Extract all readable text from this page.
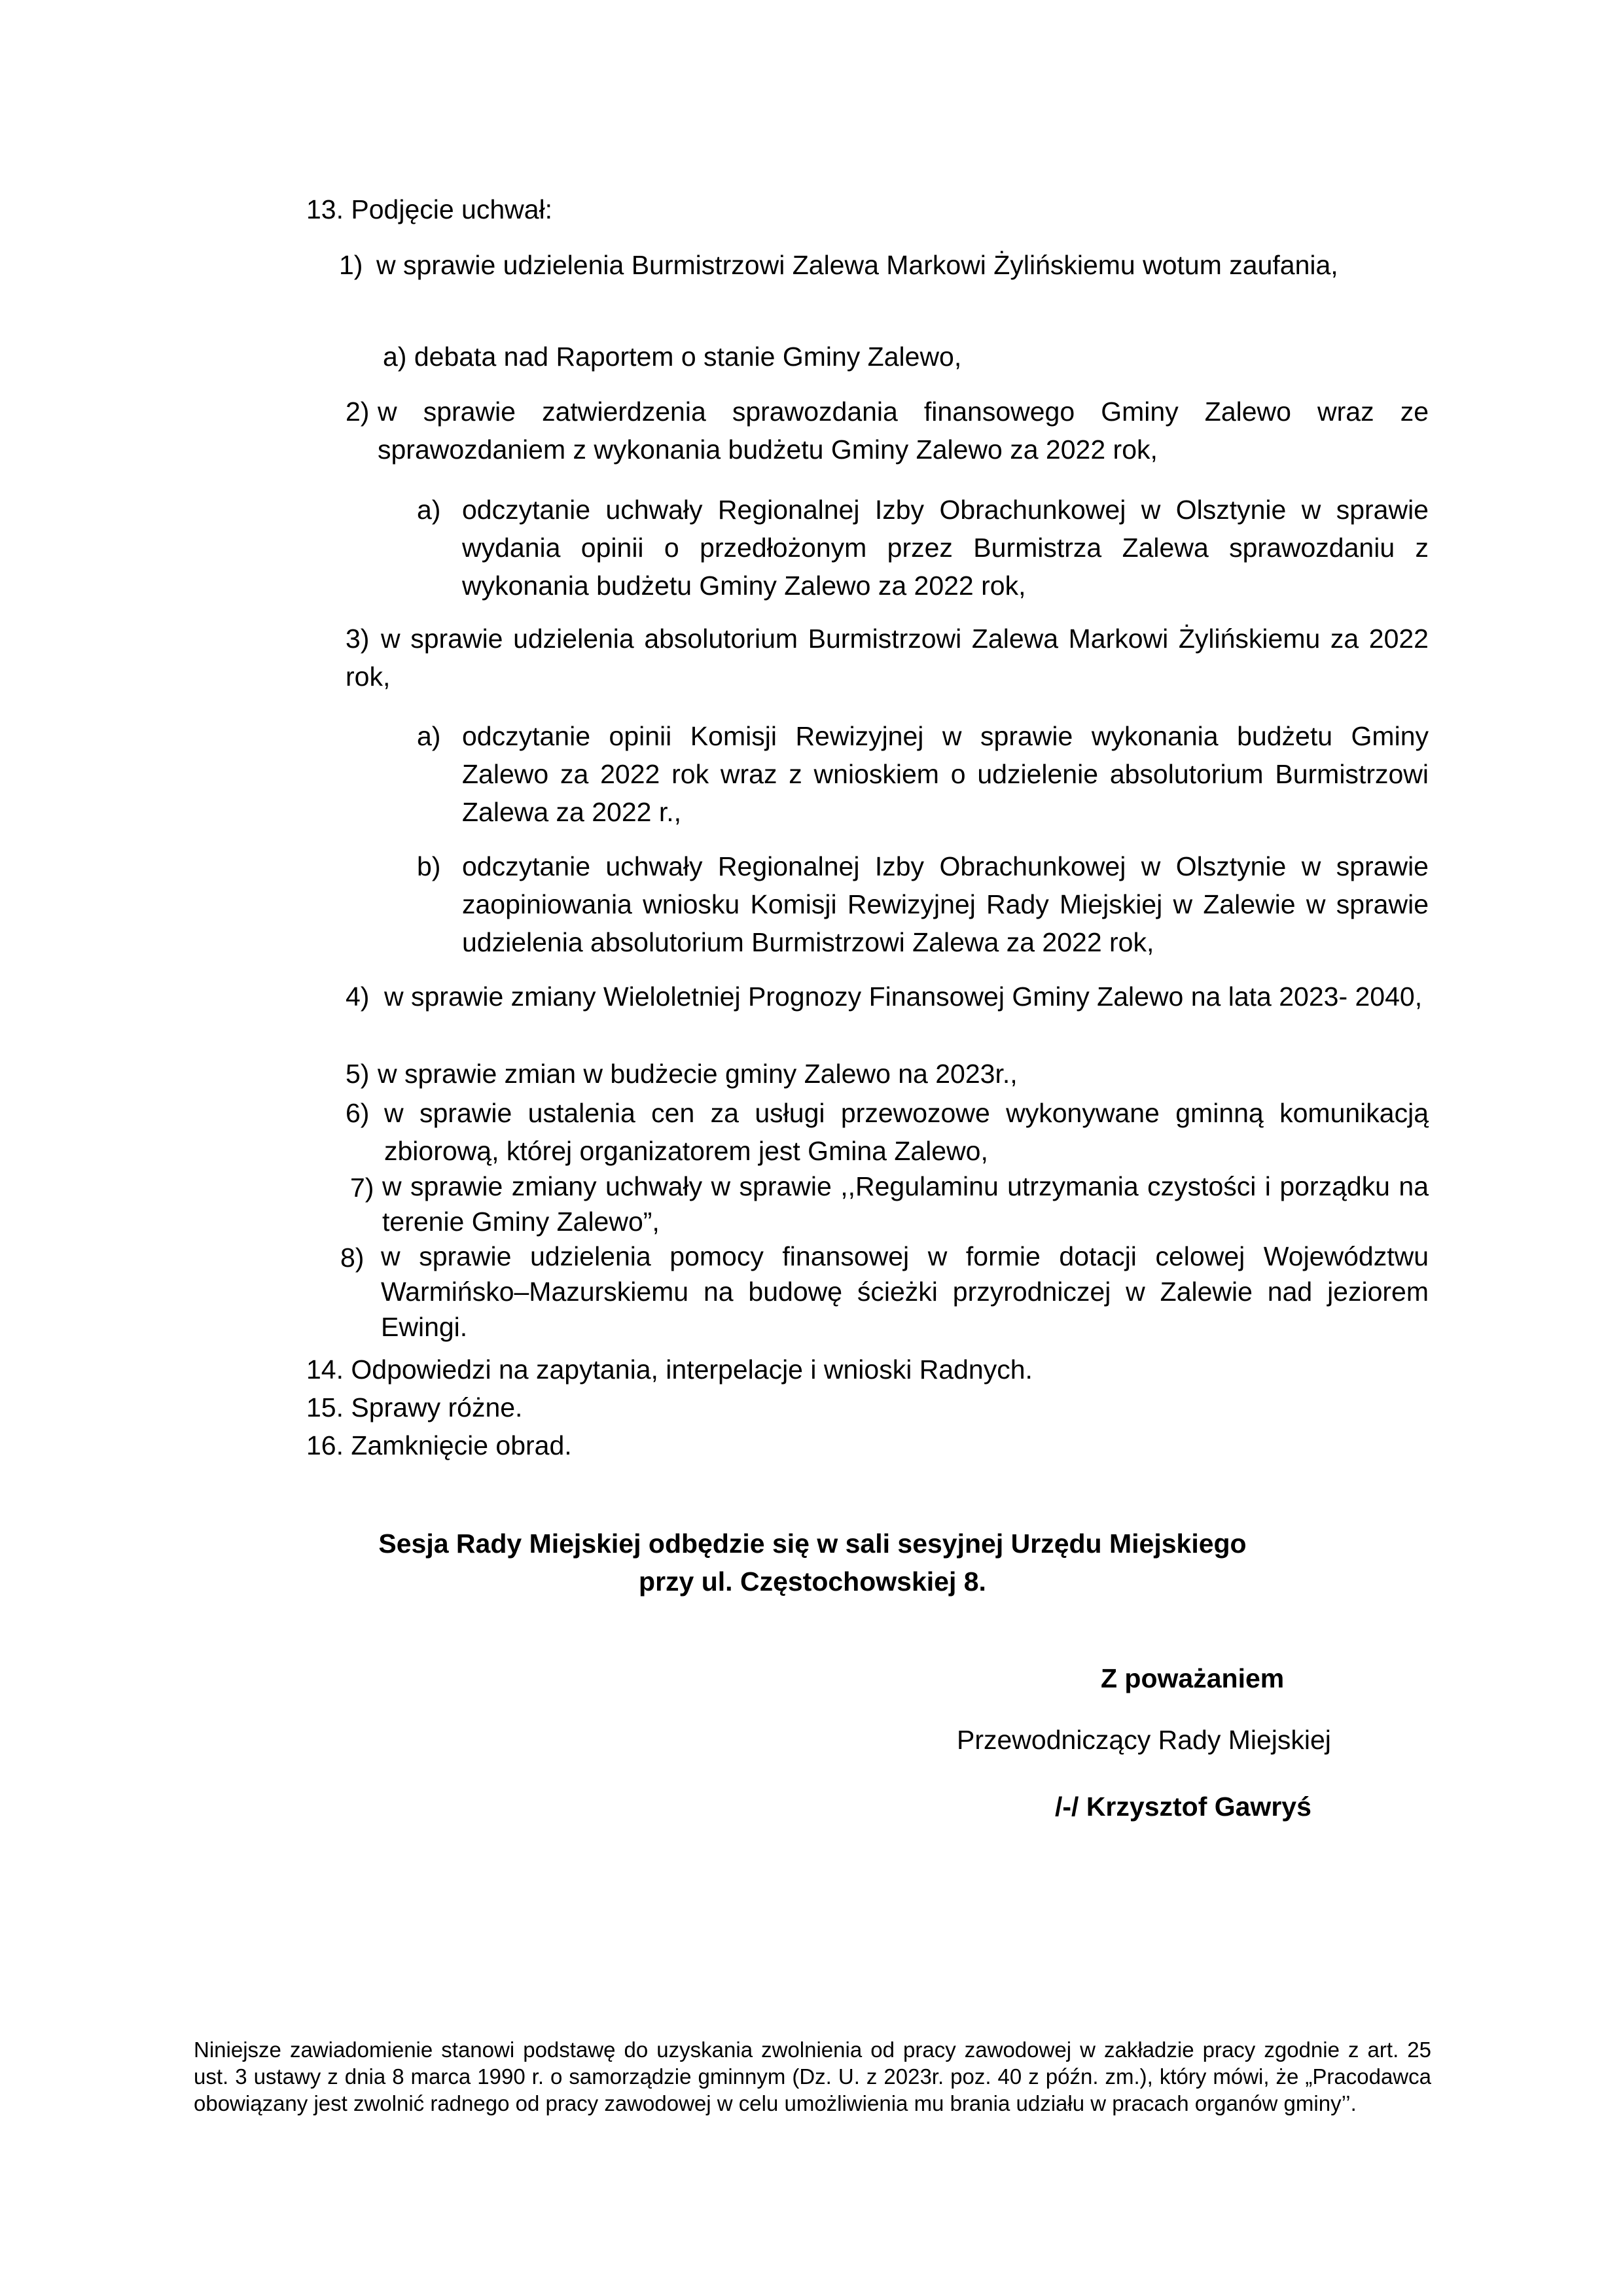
13. Podjęcie uchwał:
1) w sprawie udzielenia Burmistrzowi Zalewa Markowi Żylińskiemu wotum zaufania,
a) debata nad Raportem o stanie Gminy Zalewo,
2) w sprawie zatwierdzenia sprawozdania finansowego Gminy Zalewo wraz ze sprawozdaniem z wykonania budżetu Gminy Zalewo za 2022 rok,
a) odczytanie uchwały Regionalnej Izby Obrachunkowej w Olsztynie w sprawie wydania opinii o przedłożonym przez Burmistrza Zalewa sprawozdaniu z wykonania budżetu Gminy Zalewo za 2022 rok,
3) w sprawie udzielenia absolutorium Burmistrzowi Zalewa Markowi Żylińskiemu za 2022 rok,
a) odczytanie opinii Komisji Rewizyjnej w sprawie wykonania budżetu Gminy Zalewo za 2022 rok wraz z wnioskiem o udzielenie absolutorium Burmistrzowi Zalewa za 2022 r.,
b) odczytanie uchwały Regionalnej Izby Obrachunkowej w Olsztynie w sprawie zaopiniowania wniosku Komisji Rewizyjnej Rady Miejskiej w Zalewie w sprawie udzielenia absolutorium Burmistrzowi Zalewa za 2022 rok,
4) w sprawie zmiany Wieloletniej Prognozy Finansowej Gminy Zalewo na lata 2023- 2040,
5) w sprawie zmian w budżecie gminy Zalewo na 2023r.,
6) w sprawie ustalenia cen za usługi przewozowe wykonywane gminną komunikacją zbiorową, której organizatorem jest Gmina Zalewo,
7) w sprawie zmiany uchwały w sprawie ,,Regulaminu utrzymania czystości i porządku na terenie Gminy Zalewo”,
8) w sprawie udzielenia pomocy finansowej w formie dotacji celowej Województwu Warmińsko–Mazurskiemu na budowę ścieżki przyrodniczej w Zalewie nad jeziorem Ewingi.
14. Odpowiedzi na zapytania, interpelacje i wnioski Radnych.
15. Sprawy różne.
16. Zamknięcie obrad.
Sesja Rady Miejskiej odbędzie się w sali sesyjnej Urzędu Miejskiego
przy ul. Częstochowskiej 8.
Z poważaniem
Przewodniczący Rady Miejskiej
/-/ Krzysztof Gawryś
Niniejsze zawiadomienie stanowi podstawę do uzyskania zwolnienia od pracy zawodowej w zakładzie pracy zgodnie z art. 25 ust. 3 ustawy z dnia 8 marca 1990 r. o samorządzie gminnym (Dz. U. z 2023r. poz. 40 z późn. zm.), który mówi, że „Pracodawca obowiązany jest zwolnić radnego od pracy zawodowej w celu umożliwienia mu brania udziału w pracach organów gminy’’.
